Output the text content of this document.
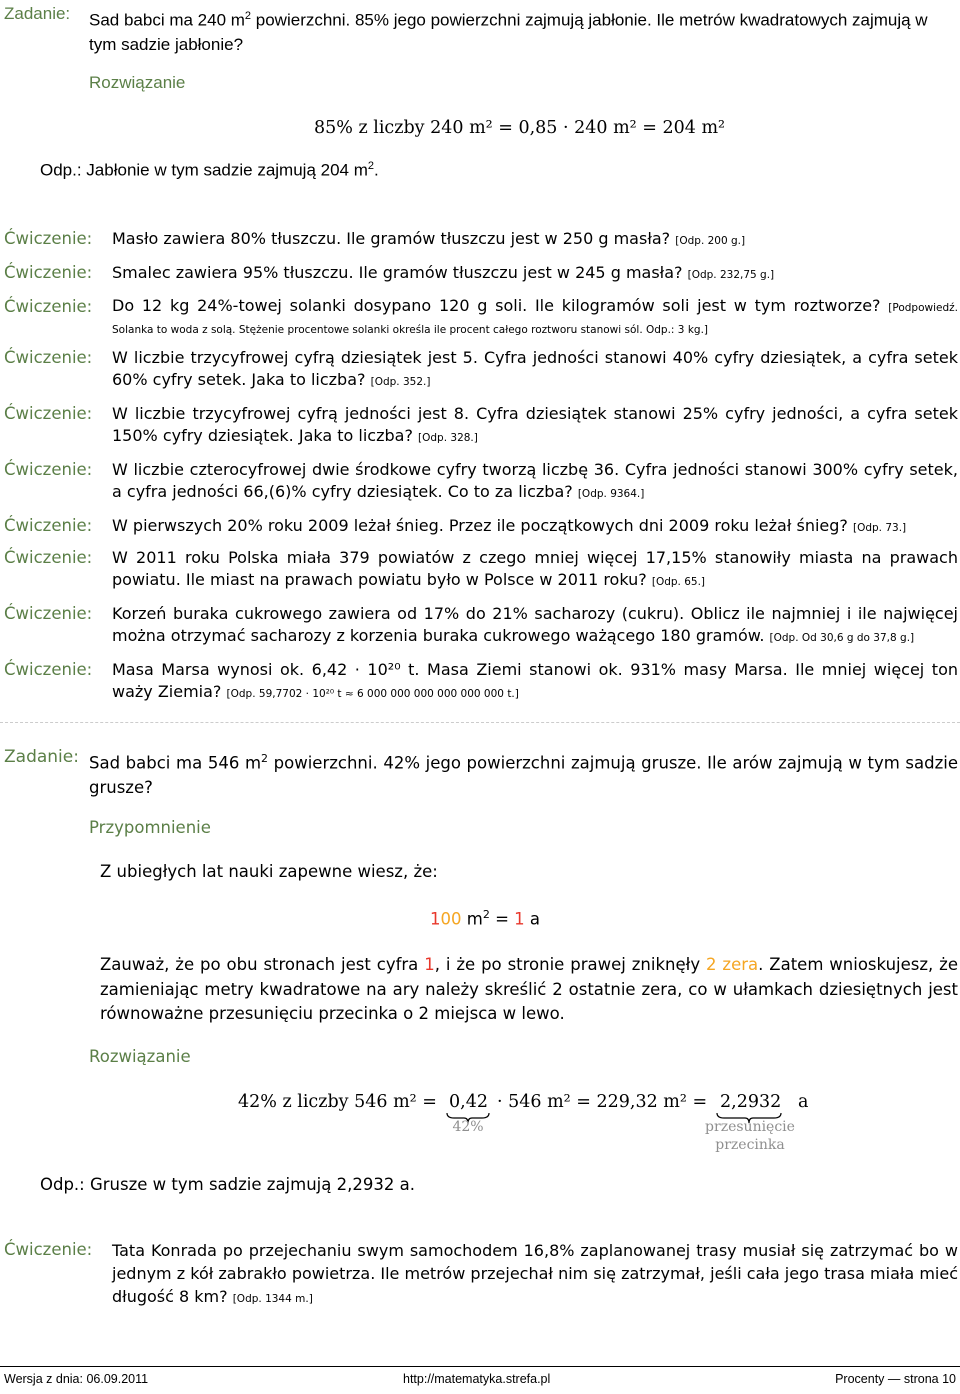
Zadanie: Sad babci ma 240 $m^2$ powierzchni. 85% jego powierzchni zajmują jabłonie. Ile metrów kwadratowych zajmują w tym sadzie jabłonie?
Rozwiązanie
85% z liczby 240 m² = 0,85 · 240 m² = 204 m²
Odp.: Jabłonie w tym sadzie zajmują 204 $m^2$.
Ćwiczenie: Masło zawiera 80% tłuszczu. Ile gramów tłuszczu jest w 250 g masła? [Odp. 200 g.]
Ćwiczenie: Smalec zawiera 95% tłuszczu. Ile gramów tłuszczu jest w 245 g masła? [Odp. 232,75 g.]
Ćwiczenie: Do 12 kg 24%-towej solanki dosypano 120 g soli. Ile kilogramów soli jest w tym roztworze? [Podpowiedź. Solanka to woda z solą. Stężenie procentowe solanki określa ile procent całego roztworu stanowi sól. Odp.: 3 kg.]
Ćwiczenie: W liczbie trzycyfrowej cyfrą dziesiątek jest 5. Cyfra jedności stanowi 40% cyfry dziesiątek, a cyfra setek 60% cyfry setek. Jaka to liczba? [Odp. 352.]
Ćwiczenie: W liczbie trzycyfrowej cyfrą jedności jest 8. Cyfra dziesiątek stanowi 25% cyfry jedności, a cyfra setek 150% cyfry dziesiątek. Jaka to liczba? [Odp. 328.]
Ćwiczenie: W liczbie czterocyfrowej dwie środkowe cyfry tworzą liczbę 36. Cyfra jedności stanowi 300% cyfry setek, a cyfra jedności 66,(6)% cyfry dziesiątek. Co to za liczba? [Odp. 9364.]
Ćwiczenie: W pierwszych 20% roku 2009 leżał śnieg. Przez ile początkowych dni 2009 roku leżał śnieg? [Odp. 73.]
Ćwiczenie: W 2011 roku Polska miała 379 powiatów z czego mniej więcej 17,15% stanowiły miasta na prawach powiatu. Ile miast na prawach powiatu było w Polsce w 2011 roku? [Odp. 65.]
Ćwiczenie: Korzeń buraka cukrowego zawiera od 17% do 21% sacharozy (cukru). Oblicz ile najmniej i ile najwięcej można otrzymać sacharozy z korzenia buraka cukrowego ważącego 180 gramów. [Odp. Od 30,6 g do 37,8 g.]
Ćwiczenie: Masa Marsa wynosi ok. 6,42 · 10²⁰ t. Masa Ziemi stanowi ok. 931% masy Marsa. Ile mniej więcej ton waży Ziemia? [Odp. 59,7702 · 10²⁰ t ≈ 6 000 000 000 000 000 000 t.]
Zadanie: Sad babci ma 546 $m^2$ powierzchni. 42% jego powierzchni zajmują grusze. Ile arów zajmują w tym sadzie grusze?
Przypomnienie
Z ubiegłych lat nauki zapewne wiesz, że:
100 $m^2 = 1$ a
Zauważ, że po obu stronach jest cyfra 1, i że po stronie prawej zniknęły 2 zera. Zatem wnioskujesz, że zamieniając metry kwadratowe na ary należy skreślić 2 ostatnie zera, co w ułamkach dziesiętnych jest równoważne przesunięciu przecinka o 2 miejsca w lewo.
Rozwiązanie
42% z liczby 546 m² = 0,42 · 546 m² = 229,32 m² = 2,2932 a
42%	przesunięcie
przecinka
Odp.: Grusze w tym sadzie zajmują 2,2932 a.
Ćwiczenie: Tata Konrada po przejechaniu swym samochodem 16,8% zaplanowanej trasy musiał się zatrzymać bo w jednym z kół zabrakło powietrza. Ile metrów przejechał nim się zatrzymał, jeśli cała jego trasa miała mieć długość 8 km? [Odp. 1344 m.]
Wersja z dnia: 06.09.2011	http://matematyka.strefa.pl	Procenty — strona 10
